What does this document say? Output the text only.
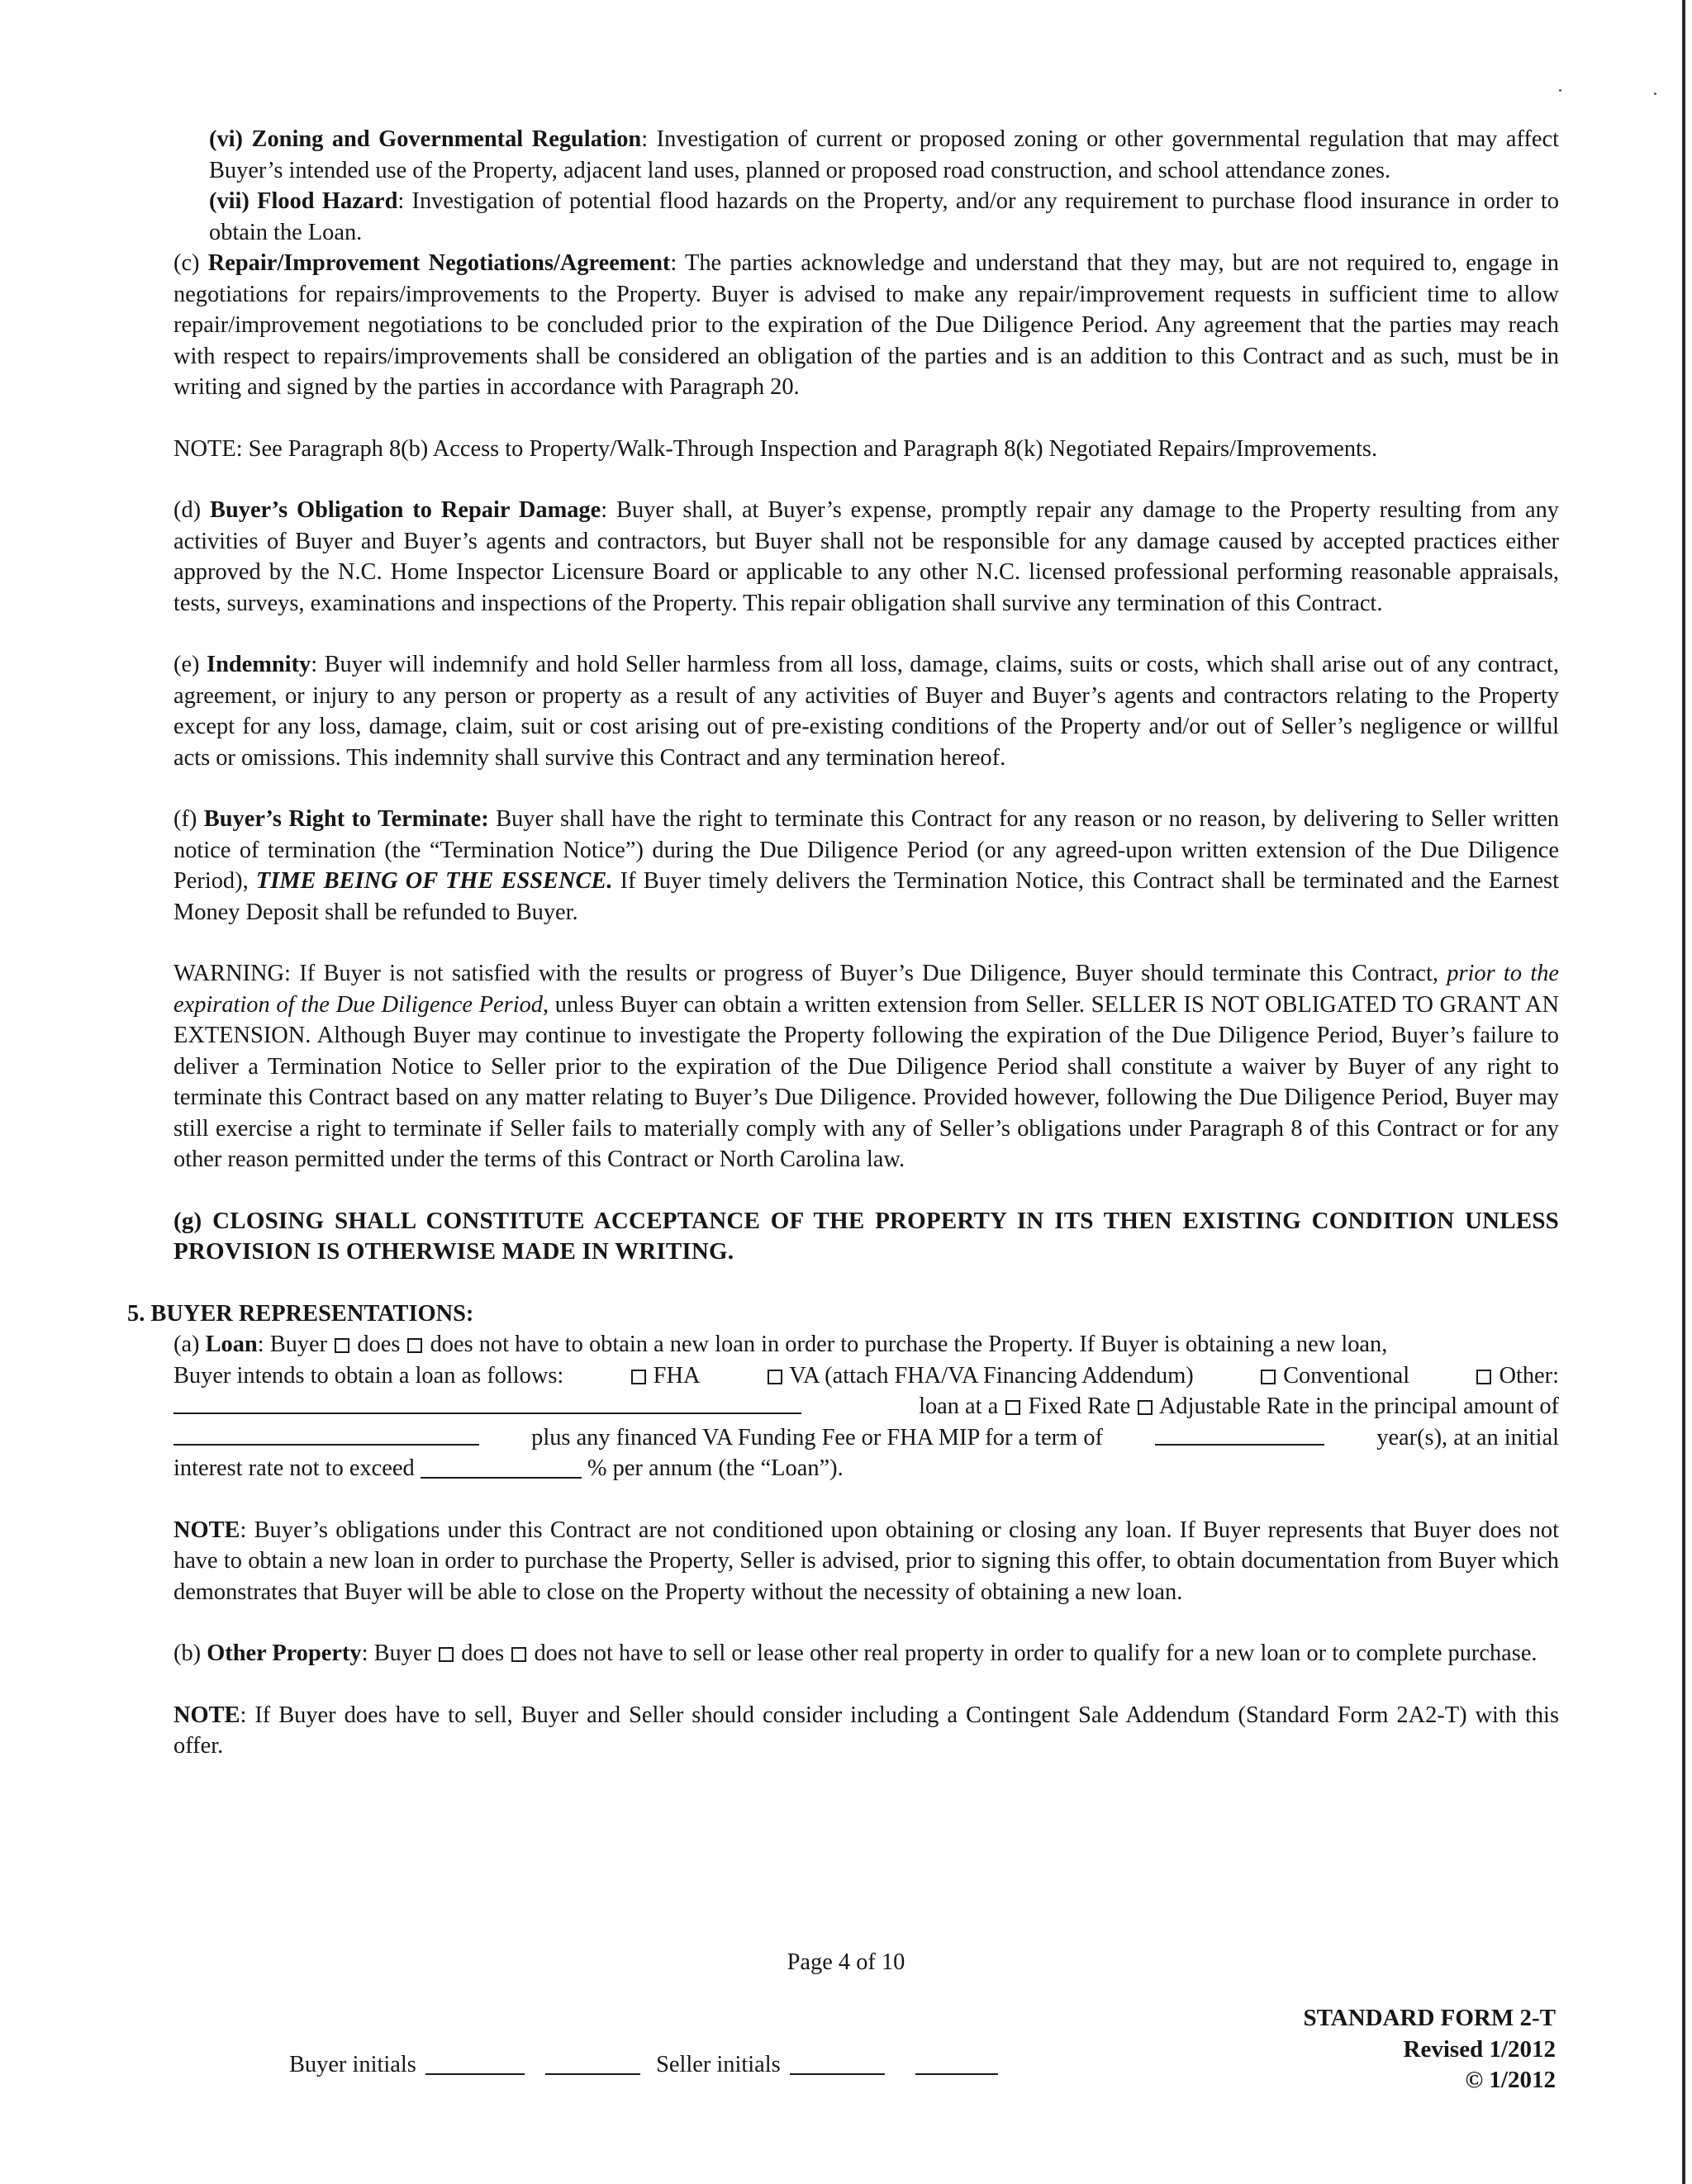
(vi) Zoning and Governmental Regulation: Investigation of current or proposed zoning or other governmental regulation that may affect Buyer’s intended use of the Property, adjacent land uses, planned or proposed road construction, and school attendance zones.

(vii) Flood Hazard: Investigation of potential flood hazards on the Property, and/or any requirement to purchase flood insurance in order to obtain the Loan.

(c) Repair/Improvement Negotiations/Agreement: The parties acknowledge and understand that they may, but are not required to, engage in negotiations for repairs/improvements to the Property. Buyer is advised to make any repair/improvement requests in sufficient time to allow repair/improvement negotiations to be concluded prior to the expiration of the Due Diligence Period. Any agreement that the parties may reach with respect to repairs/improvements shall be considered an obligation of the parties and is an addition to this Contract and as such, must be in writing and signed by the parties in accordance with Paragraph 20.

NOTE: See Paragraph 8(b) Access to Property/Walk-Through Inspection and Paragraph 8(k) Negotiated Repairs/Improvements.

(d) Buyer’s Obligation to Repair Damage: Buyer shall, at Buyer’s expense, promptly repair any damage to the Property resulting from any activities of Buyer and Buyer’s agents and contractors, but Buyer shall not be responsible for any damage caused by accepted practices either approved by the N.C. Home Inspector Licensure Board or applicable to any other N.C. licensed professional performing reasonable appraisals, tests, surveys, examinations and inspections of the Property. This repair obligation shall survive any termination of this Contract.

(e) Indemnity: Buyer will indemnify and hold Seller harmless from all loss, damage, claims, suits or costs, which shall arise out of any contract, agreement, or injury to any person or property as a result of any activities of Buyer and Buyer’s agents and contractors relating to the Property except for any loss, damage, claim, suit or cost arising out of pre-existing conditions of the Property and/or out of Seller’s negligence or willful acts or omissions. This indemnity shall survive this Contract and any termination hereof.

(f) Buyer’s Right to Terminate: Buyer shall have the right to terminate this Contract for any reason or no reason, by delivering to Seller written notice of termination (the “Termination Notice”) during the Due Diligence Period (or any agreed-upon written extension of the Due Diligence Period), TIME BEING OF THE ESSENCE. If Buyer timely delivers the Termination Notice, this Contract shall be terminated and the Earnest Money Deposit shall be refunded to Buyer.

WARNING: If Buyer is not satisfied with the results or progress of Buyer’s Due Diligence, Buyer should terminate this Contract, prior to the expiration of the Due Diligence Period, unless Buyer can obtain a written extension from Seller. SELLER IS NOT OBLIGATED TO GRANT AN EXTENSION. Although Buyer may continue to investigate the Property following the expiration of the Due Diligence Period, Buyer’s failure to deliver a Termination Notice to Seller prior to the expiration of the Due Diligence Period shall constitute a waiver by Buyer of any right to terminate this Contract based on any matter relating to Buyer’s Due Diligence. Provided however, following the Due Diligence Period, Buyer may still exercise a right to terminate if Seller fails to materially comply with any of Seller’s obligations under Paragraph 8 of this Contract or for any other reason permitted under the terms of this Contract or North Carolina law.

(g) CLOSING SHALL CONSTITUTE ACCEPTANCE OF THE PROPERTY IN ITS THEN EXISTING CONDITION UNLESS PROVISION IS OTHERWISE MADE IN WRITING.

5. BUYER REPRESENTATIONS:

(a) Loan: Buyer does does not have to obtain a new loan in order to purchase the Property. If Buyer is obtaining a new loan,

Buyer intends to obtain a loan as follows:	FHA	VA (attach FHA/VA Financing Addendum)	Conventional	Other:
loan at a Fixed Rate Adjustable Rate in the principal amount of
plus any financed VA Funding Fee or FHA MIP for a term of	year(s), at an initial
interest rate not to exceed	% per annum (the “Loan”).

NOTE: Buyer’s obligations under this Contract are not conditioned upon obtaining or closing any loan. If Buyer represents that Buyer does not have to obtain a new loan in order to purchase the Property, Seller is advised, prior to signing this offer, to obtain documentation from Buyer which demonstrates that Buyer will be able to close on the Property without the necessity of obtaining a new loan.

(b) Other Property: Buyer does does not have to sell or lease other real property in order to qualify for a new loan or to complete purchase.

NOTE: If Buyer does have to sell, Buyer and Seller should consider including a Contingent Sale Addendum (Standard Form 2A2-T) with this offer.

Page 4 of 10
STANDARD FORM 2-T
Revised 1/2012
© 1/2012
Buyer initials	Seller initials
